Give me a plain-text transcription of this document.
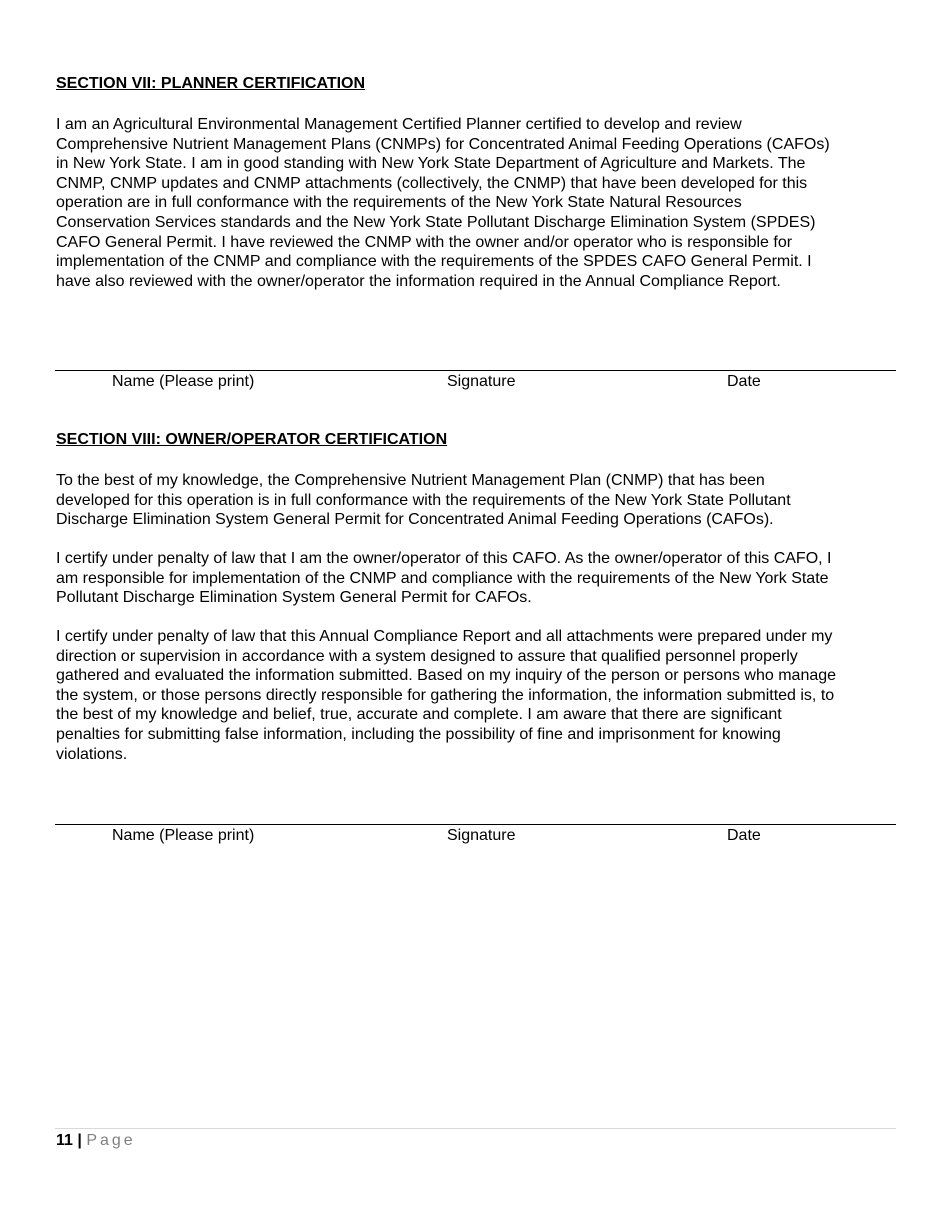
SECTION VII: PLANNER CERTIFICATION

I am an Agricultural Environmental Management Certified Planner certified to develop and review
Comprehensive Nutrient Management Plans (CNMPs) for Concentrated Animal Feeding Operations (CAFOs)
in New York State. I am in good standing with New York State Department of Agriculture and Markets. The
CNMP, CNMP updates and CNMP attachments (collectively, the CNMP) that have been developed for this
operation are in full conformance with the requirements of the New York State Natural Resources
Conservation Services standards and the New York State Pollutant Discharge Elimination System (SPDES)
CAFO General Permit. I have reviewed the CNMP with the owner and/or operator who is responsible for
implementation of the CNMP and compliance with the requirements of the SPDES CAFO General Permit. I
have also reviewed with the owner/operator the information required in the Annual Compliance Report.

Name (Please print)	Signature	Date
SECTION VIII: OWNER/OPERATOR CERTIFICATION

To the best of my knowledge, the Comprehensive Nutrient Management Plan (CNMP) that has been
developed for this operation is in full conformance with the requirements of the New York State Pollutant
Discharge Elimination System General Permit for Concentrated Animal Feeding Operations (CAFOs).

I certify under penalty of law that I am the owner/operator of this CAFO. As the owner/operator of this CAFO, I
am responsible for implementation of the CNMP and compliance with the requirements of the New York State
Pollutant Discharge Elimination System General Permit for CAFOs.

I certify under penalty of law that this Annual Compliance Report and all attachments were prepared under my
direction or supervision in accordance with a system designed to assure that qualified personnel properly
gathered and evaluated the information submitted. Based on my inquiry of the person or persons who manage
the system, or those persons directly responsible for gathering the information, the information submitted is, to
the best of my knowledge and belief, true, accurate and complete. I am aware that there are significant
penalties for submitting false information, including the possibility of fine and imprisonment for knowing
violations.

Name (Please print)	Signature	Date
11 | Page
